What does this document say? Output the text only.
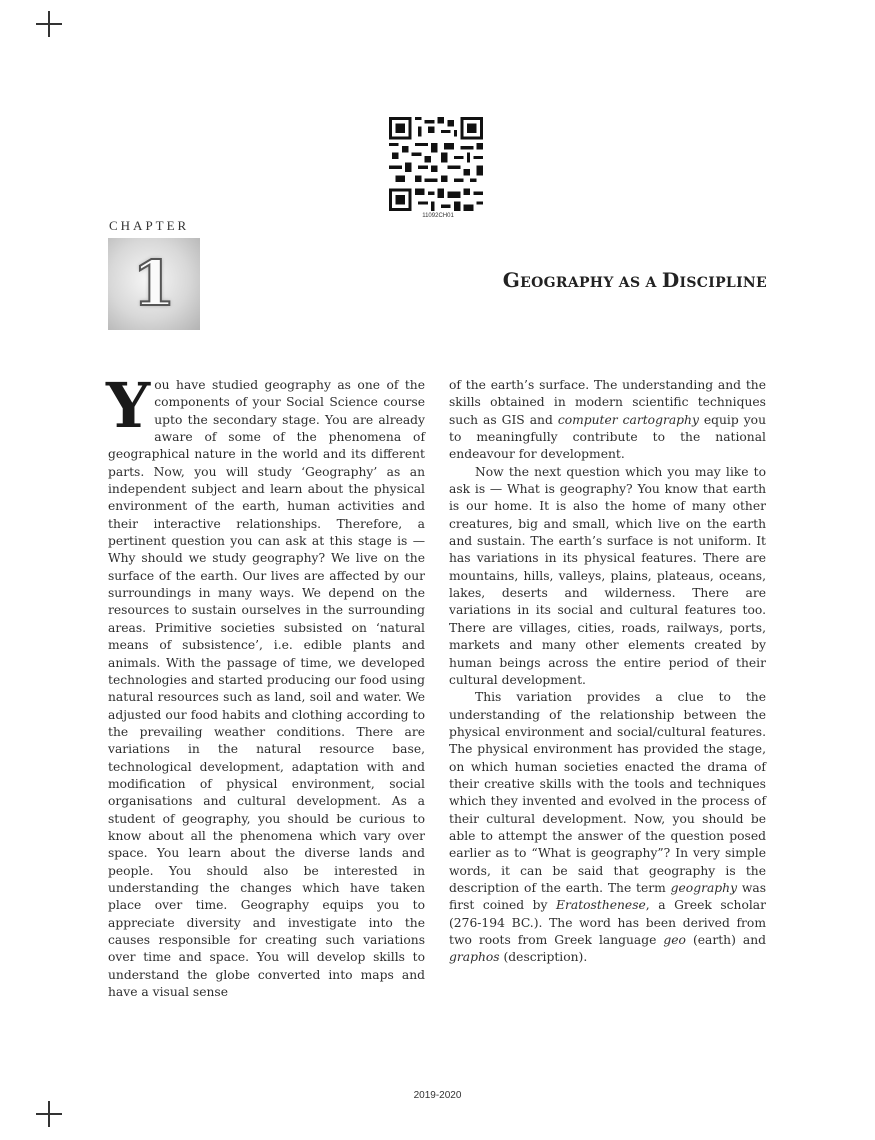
11092CH01
CHAPTER
1	GEOGRAPHY AS A DISCIPLINE

You have studied geography as one of the components of your Social Science course upto the secondary stage. You are already aware of some of the phenomena of geographical nature in the world and its different parts. Now, you will study ‘Geography’ as an independent subject and learn about the physical environment of the earth, human activities and their interactive relationships. Therefore, a pertinent question you can ask at this stage is — Why should we study geography? We live on the surface of the earth. Our lives are affected by our surroundings in many ways. We depend on the resources to sustain ourselves in the surrounding areas. Primitive societies subsisted on ‘natural means of subsistence’, i.e. edible plants and animals. With the passage of time, we developed technologies and started producing our food using natural resources such as land, soil and water. We adjusted our food habits and clothing according to the prevailing weather conditions. There are variations in the natural resource base, technological development, adaptation with and modification of physical environment, social organisations and cultural development. As a student of geography, you should be curious to know about all the phenomena which vary over space. You learn about the diverse lands and people. You should also be interested in understanding the changes which have taken place over time. Geography equips you to appreciate diversity and investigate into the causes responsible for creating such variations over time and space. You will develop skills to understand the globe converted into maps and have a visual sense

of the earth’s surface. The understanding and the skills obtained in modern scientific techniques such as GIS and computer cartography equip you to meaningfully contribute to the national endeavour for development.

Now the next question which you may like to ask is — What is geography? You know that earth is our home. It is also the home of many other creatures, big and small, which live on the earth and sustain. The earth’s surface is not uniform. It has variations in its physical features. There are mountains, hills, valleys, plains, plateaus, oceans, lakes, deserts and wilderness. There are variations in its social and cultural features too. There are villages, cities, roads, railways, ports, markets and many other elements created by human beings across the entire period of their cultural development.

This variation provides a clue to the understanding of the relationship between the physical environment and social/cultural features. The physical environment has provided the stage, on which human societies enacted the drama of their creative skills with the tools and techniques which they invented and evolved in the process of their cultural development. Now, you should be able to attempt the answer of the question posed earlier as to “What is geography”? In very simple words, it can be said that geography is the description of the earth. The term geography was first coined by Eratosthenese, a Greek scholar (276-194 BC.). The word has been derived from two roots from Greek language geo (earth) and graphos (description).

2019-2020
